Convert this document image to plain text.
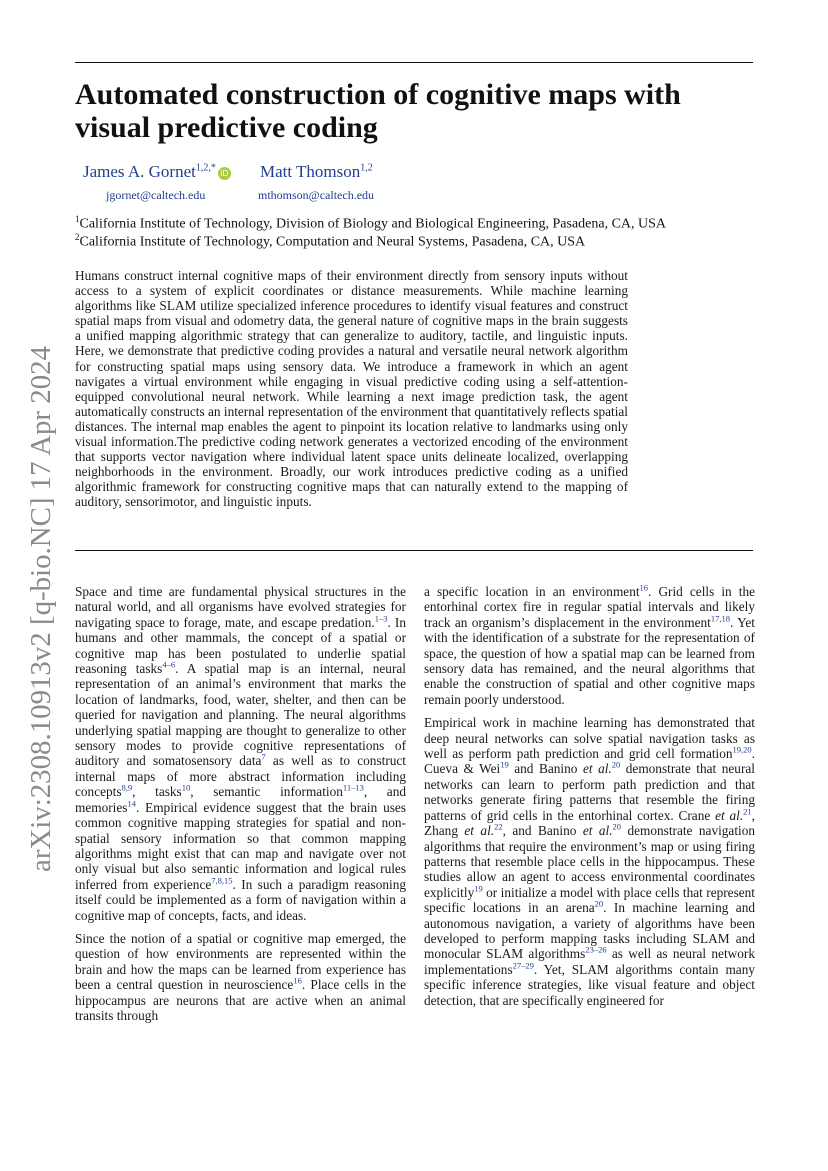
Automated construction of cognitive maps with visual predictive coding
James A. Gornet$^{1,2,*}$iD Matt Thomson$^{1,2}$
jgornet@caltech.edu	mthomson@caltech.edu
$^1$California Institute of Technology, Division of Biology and Biological Engineering, Pasadena, CA, USA
$^2$California Institute of Technology, Computation and Neural Systems, Pasadena, CA, USA

Humans construct internal cognitive maps of their environment directly from sensory inputs without access to a system of explicit coordinates or distance measurements. While machine learning algorithms like SLAM utilize specialized inference procedures to identify visual features and construct spatial maps from visual and odometry data, the general nature of cognitive maps in the brain suggests a unified mapping algorithmic strategy that can generalize to auditory, tactile, and linguistic inputs. Here, we demonstrate that predictive coding provides a natural and versatile neural network algorithm for constructing spatial maps using sensory data. We introduce a framework in which an agent navigates a virtual environment while engaging in visual predictive coding using a self-attention-equipped convolutional neural network. While learning a next image prediction task, the agent automatically constructs an internal representation of the environment that quantitatively reflects spatial distances. The internal map enables the agent to pinpoint its location relative to landmarks using only visual information.The predictive coding network generates a vectorized encoding of the environment that supports vector navigation where individual latent space units delineate localized, overlapping neighborhoods in the environment. Broadly, our work introduces predictive coding as a unified algorithmic framework for constructing cognitive maps that can naturally extend to the mapping of auditory, sensorimotor, and linguistic inputs.

arXiv:2308.10913v2 [q-bio.NC] 17 Apr 2024 Space and time are fundamental physical structures in the natural world, and all organisms have evolved strategies for navigating space to forage, mate, and escape predation.$^{1-3}$. In humans and other mammals, the concept of a spatial or cognitive map has been postulated to underlie spatial reasoning tasks$^{4-6}$. A spatial map is an internal, neural representation of an animal’s environment that marks the location of landmarks, food, water, shelter, and then can be queried for navigation and planning. The neural algorithms underlying spatial mapping are thought to generalize to other sensory modes to provide cognitive representations of auditory and somatosensory data$^7$ as well as to construct internal maps of more abstract information including concepts$^{8,9}$, tasks$^{10}$, semantic information$^{11-13}$, and memories$^{14}$. Empirical evidence suggest that the brain uses common cognitive mapping strategies for spatial and non-spatial sensory information so that common mapping algorithms might exist that can map and navigate over not only visual but also semantic information and logical rules inferred from experience$^{7,8,15}$. In such a paradigm reasoning itself could be implemented as a form of navigation within a cognitive map of concepts, facts, and ideas.

Since the notion of a spatial or cognitive map emerged, the question of how environments are represented within the brain and how the maps can be learned from experience has been a central question in neuroscience$^{16}$. Place cells in the hippocampus are neurons that are active when an animal transits through

a specific location in an environment$^{16}$. Grid cells in the entorhinal cortex fire in regular spatial intervals and likely track an organism’s displacement in the environment$^{17,18}$. Yet with the identification of a substrate for the representation of space, the question of how a spatial map can be learned from sensory data has remained, and the neural algorithms that enable the construction of spatial and other cognitive maps remain poorly understood.

Empirical work in machine learning has demonstrated that deep neural networks can solve spatial navigation tasks as well as perform path prediction and grid cell formation$^{19,20}$. Cueva & Wei$^{19}$ and Banino et al.$^{20}$ demonstrate that neural networks can learn to perform path prediction and that networks generate firing patterns that resemble the firing patterns of grid cells in the entorhinal cortex. Crane et al.$^{21}$, Zhang et al.$^{22}$, and Banino et al.$^{20}$ demonstrate navigation algorithms that require the environment’s map or using firing patterns that resemble place cells in the hippocampus. These studies allow an agent to access environmental coordinates explicitly$^{19}$ or initialize a model with place cells that represent specific locations in an arena$^{20}$. In machine learning and autonomous navigation, a variety of algorithms have been developed to perform mapping tasks including SLAM and monocular SLAM algorithms$^{23-26}$ as well as neural network implementations$^{27-29}$. Yet, SLAM algorithms contain many specific inference strategies, like visual feature and object detection, that are specifically engineered for
